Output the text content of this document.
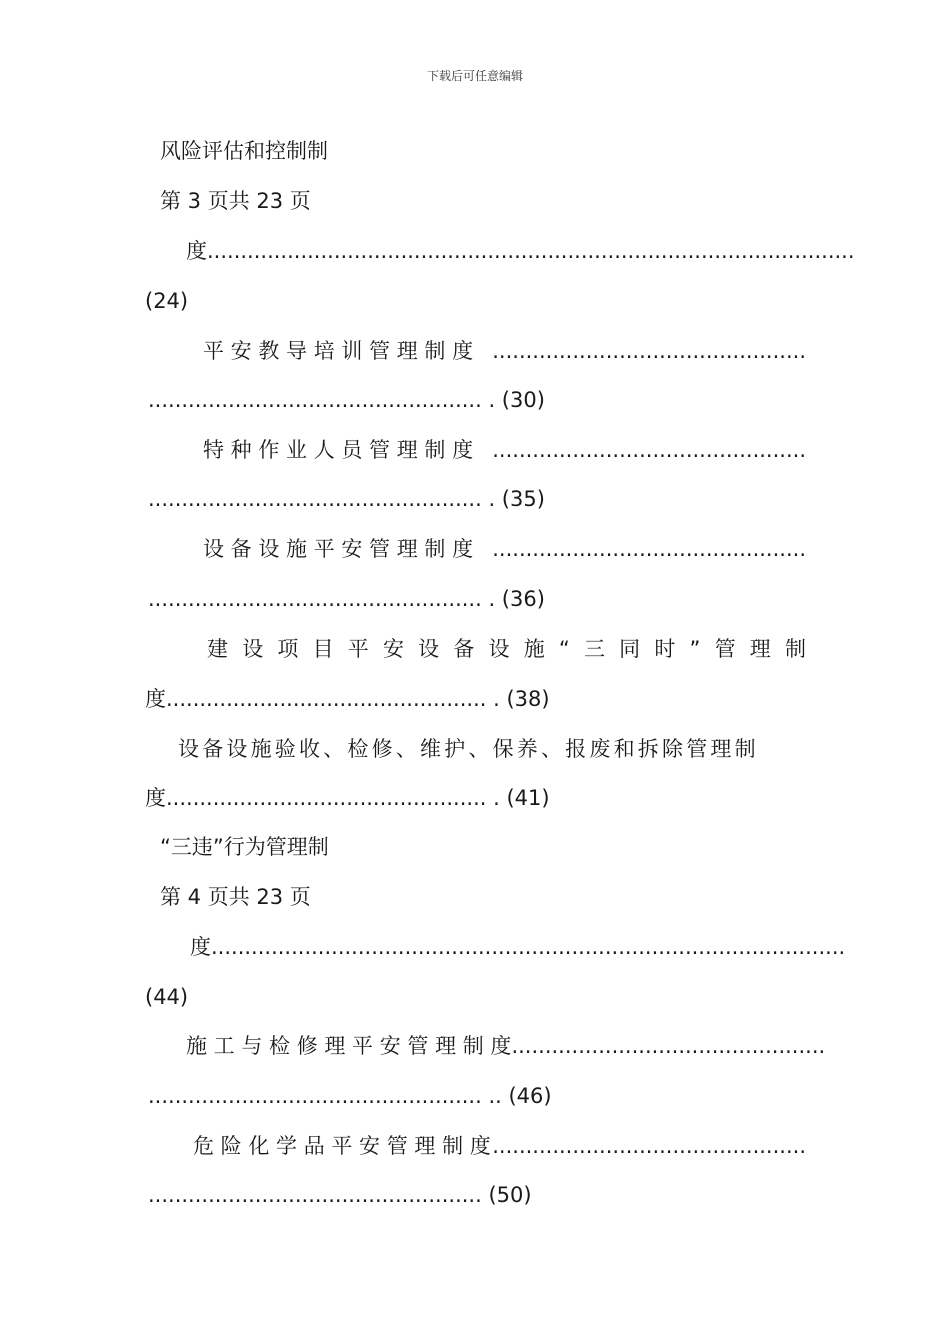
下载后可任意编辑
风险评估和控制制
第 3 页共 23 页
度 ............................................... ................................................ ..
(24)
平 安 教 导 培 训 管 理 制 度 ...............................................
.................................................. . (30)
特 种 作 业 人 员 管 理 制 度 ...............................................
.................................................. . (35)
设 备 设 施 平 安 管 理 制 度 ...............................................
.................................................. . (36)
建 设 项 目 平 安 设 备 设 施 “ 三 同 时 ” 管 理 制
度................................................ . (38)
设备设施验收、检修、维护、保养、报废和拆除管理制
度................................................ . (41)
“三违”行为管理制
第 4 页共 23 页
度 ............................................... ............................................... .
(44)
施 工 与 检 修 理 平 安 管 理 制 度 ...............................................
.................................................. .. (46)
危 险 化 学 品 平 安 管 理 制 度 ...............................................
.................................................. (50)
